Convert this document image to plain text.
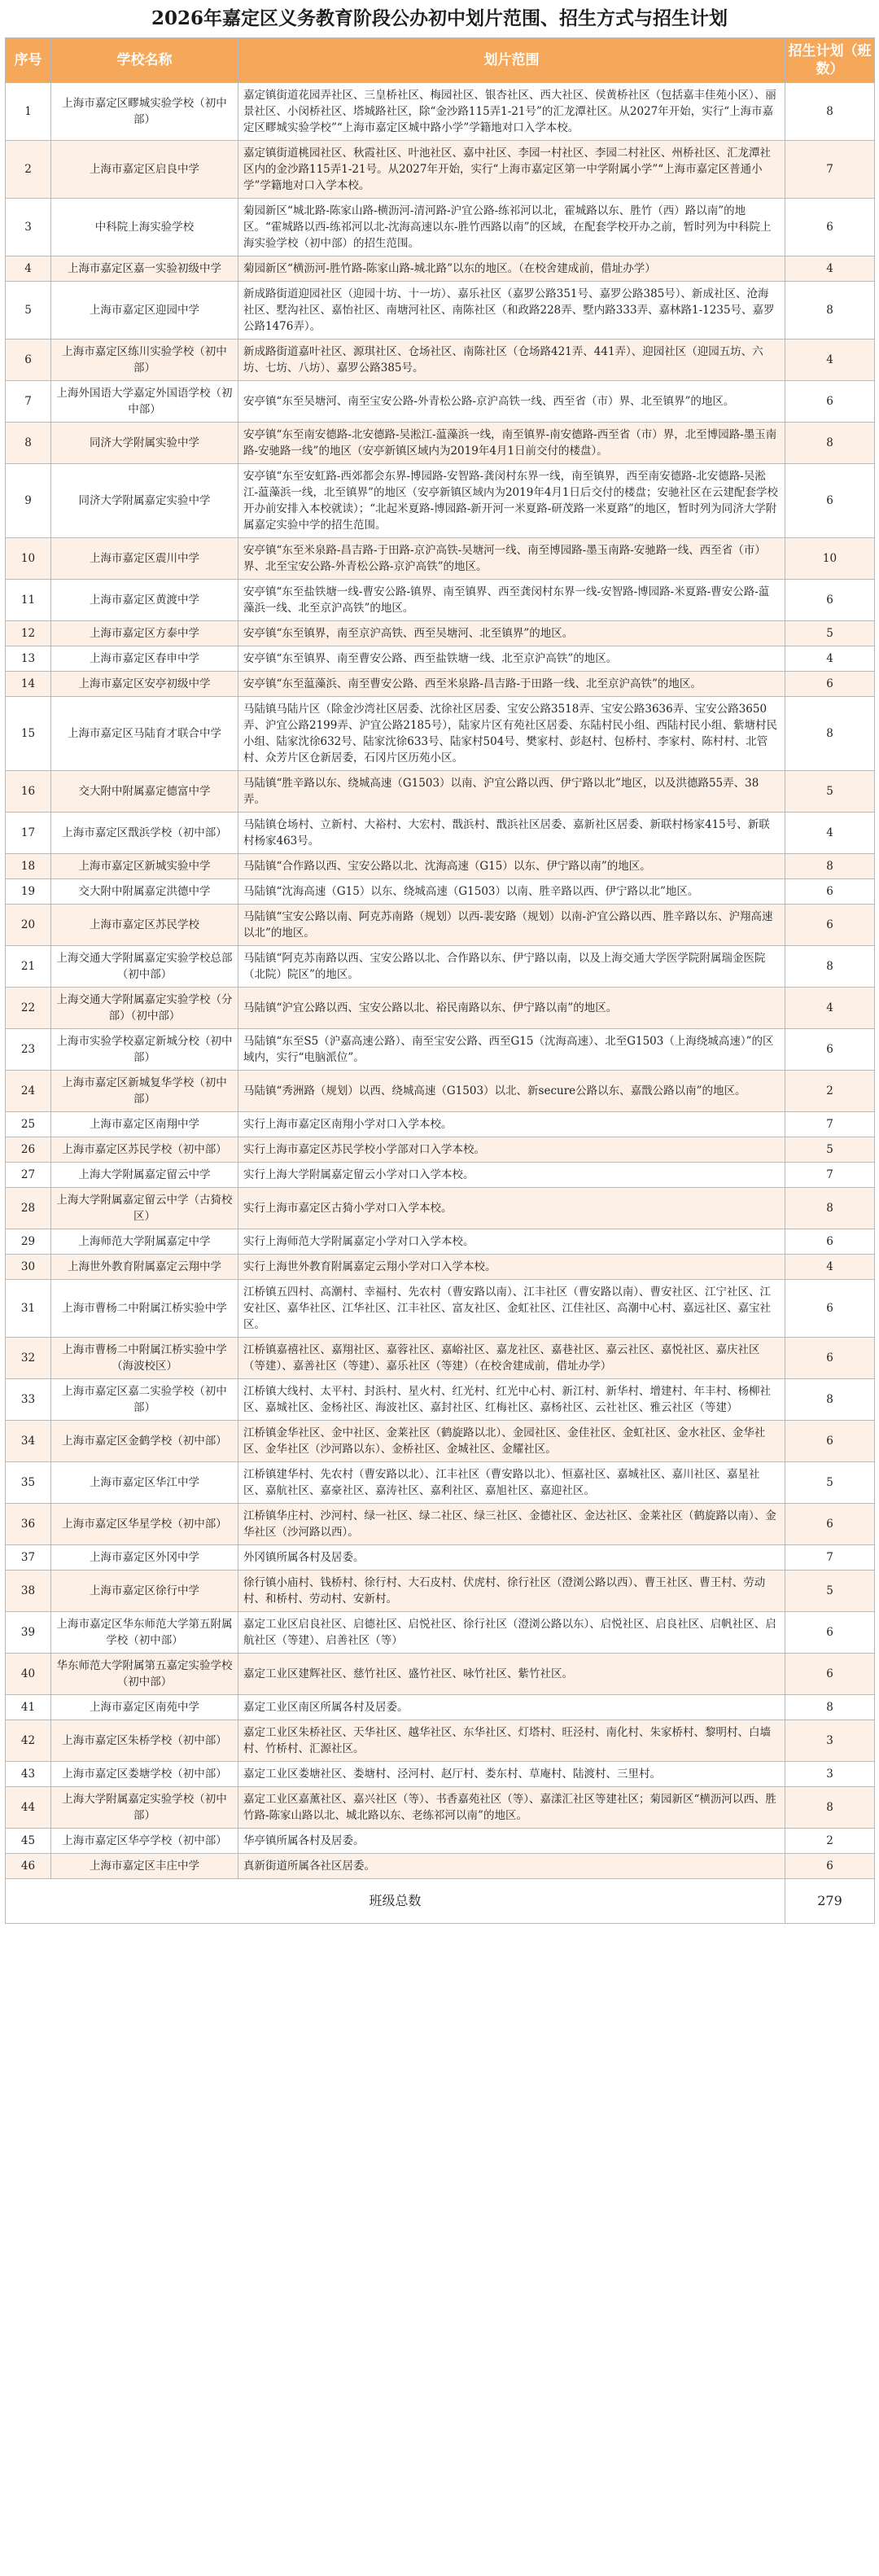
2026年嘉定区义务教育阶段公办初中划片范围、招生方式与招生计划
序号	学校名称	划片范围	招生计划（班数）
1	上海市嘉定区疁城实验学校（初中部）	嘉定镇街道花园弄社区、三皇桥社区、梅园社区、银杏社区、西大社区、侯黄桥社区（包括嘉丰佳苑小区）、丽景社区、小闵桥社区、塔城路社区，除“金沙路115弄1-21号”的汇龙潭社区。从2027年开始，实行“上海市嘉定区疁城实验学校”“上海市嘉定区城中路小学”学籍地对口入学本校。	8
2	上海市嘉定区启良中学	嘉定镇街道桃园社区、秋霞社区、叶池社区、嘉中社区、李园一村社区、李园二村社区、州桥社区、汇龙潭社区内的金沙路115弄1-21号。从2027年开始，实行“上海市嘉定区第一中学附属小学”“上海市嘉定区普通小学”学籍地对口入学本校。	7
3	中科院上海实验学校	菊园新区“城北路-陈家山路-横沥河-清河路-沪宜公路-练祁河以北，霍城路以东、胜竹（西）路以南”的地区。“霍城路以西-练祁河以北-沈海高速以东-胜竹西路以南”的区域，在配套学校开办之前，暂时列为中科院上海实验学校（初中部）的招生范围。	6
4	上海市嘉定区嘉一实验初级中学	菊园新区“横沥河-胜竹路-陈家山路-城北路”以东的地区。（在校舍建成前，借址办学）	4
5	上海市嘉定区迎园中学	新成路街道迎园社区（迎园十坊、十一坊）、嘉乐社区（嘉罗公路351号、嘉罗公路385号）、新成社区、沧海社区、墅沟社区、嘉怡社区、南塘河社区、南陈社区（和政路228弄、墅内路333弄、嘉林路1-1235号、嘉罗公路1476弄）。	8
6	上海市嘉定区练川实验学校（初中部）	新成路街道嘉叶社区、源琪社区、仓场社区、南陈社区（仓场路421弄、441弄）、迎园社区（迎园五坊、六坊、七坊、八坊）、嘉罗公路385号。	4
7	上海外国语大学嘉定外国语学校（初中部）	安亭镇“东至吴塘河、南至宝安公路-外青松公路-京沪高铁一线、西至省（市）界、北至镇界”的地区。	6
8	同济大学附属实验中学	安亭镇“东至南安德路-北安德路-吴淞江-蕰藻浜一线，南至镇界-南安德路-西至省（市）界，北至博园路-墨玉南路-安驰路一线”的地区（安亭新镇区域内为2019年4月1日前交付的楼盘）。	8
9	同济大学附属嘉定实验中学	安亭镇“东至安虹路-西郊都会东界-博园路-安智路-龚闵村东界一线，南至镇界，西至南安德路-北安德路-吴淞江-蕰藻浜一线，北至镇界”的地区（安亭新镇区域内为2019年4月1日后交付的楼盘；安驰社区在云建配套学校开办前安排入本校就读）；“北起米夏路-博园路-新开河一米夏路-研茂路一米夏路”的地区，暂时列为同济大学附属嘉定实验中学的招生范围。	6
10	上海市嘉定区震川中学	安亭镇“东至米泉路-昌吉路-于田路-京沪高铁-吴塘河一线、南至博园路-墨玉南路-安驰路一线、西至省（市）界、北至宝安公路-外青松公路-京沪高铁”的地区。	10
11	上海市嘉定区黄渡中学	安亭镇“东至盐铁塘一线-曹安公路-镇界、南至镇界、西至龚闵村东界一线-安智路-博园路-米夏路-曹安公路-蕰藻浜一线、北至京沪高铁”的地区。	6
12	上海市嘉定区方泰中学	安亭镇“东至镇界，南至京沪高铁、西至吴塘河、北至镇界”的地区。	5
13	上海市嘉定区春申中学	安亭镇“东至镇界、南至曹安公路、西至盐铁塘一线、北至京沪高铁”的地区。	4
14	上海市嘉定区安亭初级中学	安亭镇“东至蕰藻浜、南至曹安公路、西至米泉路-昌吉路-于田路一线、北至京沪高铁”的地区。	6
15	上海市嘉定区马陆育才联合中学	马陆镇马陆片区（除金沙湾社区居委、沈徐社区居委、宝安公路3518弄、宝安公路3636弄、宝安公路3650弄、沪宜公路2199弄、沪宜公路2185号），陆家片区有苑社区居委、东陆村民小组、西陆村民小组、紫塘村民小组、陆家沈徐632号、陆家沈徐633号、陆家村504号、樊家村、彭赵村、包桥村、李家村、陈村村、北管村、众芳片区仓新居委，石冈片区历苑小区。	8
16	交大附中附属嘉定德富中学	马陆镇“胜辛路以东、绕城高速（G1503）以南、沪宜公路以西、伊宁路以北”地区，以及洪德路55弄、38弄。	5
17	上海市嘉定区戬浜学校（初中部）	马陆镇仓场村、立新村、大裕村、大宏村、戬浜村、戬浜社区居委、嘉新社区居委、新联村杨家415号、新联村杨家463号。	4
18	上海市嘉定区新城实验中学	马陆镇“合作路以西、宝安公路以北、沈海高速（G15）以东、伊宁路以南”的地区。	8
19	交大附中附属嘉定洪德中学	马陆镇“沈海高速（G15）以东、绕城高速（G1503）以南、胜辛路以西、伊宁路以北”地区。	6
20	上海市嘉定区苏民学校	马陆镇“宝安公路以南、阿克苏南路（规划）以西-裴安路（规划）以南-沪宜公路以西、胜辛路以东、沪翔高速以北”的地区。	6
21	上海交通大学附属嘉定实验学校总部（初中部）	马陆镇“阿克苏南路以西、宝安公路以北、合作路以东、伊宁路以南，以及上海交通大学医学院附属瑞金医院（北院）院区”的地区。	8
22	上海交通大学附属嘉定实验学校（分部）（初中部）	马陆镇“沪宜公路以西、宝安公路以北、裕民南路以东、伊宁路以南”的地区。	4
23	上海市实验学校嘉定新城分校（初中部）	马陆镇“东至S5（沪嘉高速公路）、南至宝安公路、西至G15（沈海高速）、北至G1503（上海绕城高速）”的区域内，实行“电脑派位”。	6
24	上海市嘉定区新城复华学校（初中部）	马陆镇“秀洲路（规划）以西、绕城高速（G1503）以北、新secure公路以东、嘉戬公路以南”的地区。	2
25	上海市嘉定区南翔中学	实行上海市嘉定区南翔小学对口入学本校。	7
26	上海市嘉定区苏民学校（初中部）	实行上海市嘉定区苏民学校小学部对口入学本校。	5
27	上海大学附属嘉定留云中学	实行上海大学附属嘉定留云小学对口入学本校。	7
28	上海大学附属嘉定留云中学（古猗校区）	实行上海市嘉定区古猗小学对口入学本校。	8
29	上海师范大学附属嘉定中学	实行上海师范大学附属嘉定小学对口入学本校。	6
30	上海世外教育附属嘉定云翔中学	实行上海世外教育附属嘉定云翔小学对口入学本校。	4
31	上海市曹杨二中附属江桥实验中学	江桥镇五四村、高潮村、幸福村、先农村（曹安路以南）、江丰社区（曹安路以南）、曹安社区、江宁社区、江安社区、嘉华社区、江华社区、江丰社区、富友社区、金虹社区、江佳社区、高潮中心村、嘉远社区、嘉宝社区。	6
32	上海市曹杨二中附属江桥实验中学（海波校区）	江桥镇嘉禧社区、嘉翔社区、嘉蓉社区、嘉峪社区、嘉龙社区、嘉巷社区、嘉云社区、嘉悦社区、嘉庆社区（等建）、嘉善社区（等建）、嘉乐社区（等建）（在校舍建成前，借址办学）	6
33	上海市嘉定区嘉二实验学校（初中部）	江桥镇大线村、太平村、封浜村、星火村、红光村、红光中心村、新江村、新华村、增建村、年丰村、杨柳社区、嘉城社区、金杨社区、海波社区、嘉封社区、红梅社区、嘉杨社区、云社社区、雅云社区（等建）	8
34	上海市嘉定区金鹤学校（初中部）	江桥镇金华社区、金中社区、金莱社区（鹤旋路以北）、金园社区、金佳社区、金虹社区、金水社区、金华社区、金华社区（沙河路以东）、金桥社区、金城社区、金耀社区。	6
35	上海市嘉定区华江中学	江桥镇建华村、先农村（曹安路以北）、江丰社区（曹安路以北）、恒嘉社区、嘉城社区、嘉川社区、嘉星社区、嘉航社区、嘉豪社区、嘉涛社区、嘉利社区、嘉旭社区、嘉迎社区。	5
36	上海市嘉定区华星学校（初中部）	江桥镇华庄村、沙河村、绿一社区、绿二社区、绿三社区、金德社区、金达社区、金莱社区（鹤旋路以南）、金华社区（沙河路以西）。	6
37	上海市嘉定区外冈中学	外冈镇所属各村及居委。	7
38	上海市嘉定区徐行中学	徐行镇小庙村、钱桥村、徐行村、大石皮村、伏虎村、徐行社区（澄浏公路以西）、曹王社区、曹王村、劳动村、和桥村、劳动村、安新村。	5
39	上海市嘉定区华东师范大学第五附属学校（初中部）	嘉定工业区启良社区、启德社区、启悦社区、徐行社区（澄浏公路以东）、启悦社区、启良社区、启帆社区、启航社区（等建）、启善社区（等）	6
40	华东师范大学附属第五嘉定实验学校（初中部）	嘉定工业区建辉社区、慈竹社区、盛竹社区、咏竹社区、紫竹社区。	6
41	上海市嘉定区南苑中学	嘉定工业区南区所属各村及居委。	8
42	上海市嘉定区朱桥学校（初中部）	嘉定工业区朱桥社区、天华社区、越华社区、东华社区、灯塔村、旺泾村、南化村、朱家桥村、黎明村、白墙村、竹桥村、汇源社区。	3
43	上海市嘉定区娄塘学校（初中部）	嘉定工业区娄塘社区、娄塘村、泾河村、赵厅村、娄东村、草庵村、陆渡村、三里村。	3
44	上海大学附属嘉定实验学校（初中部）	嘉定工业区嘉薰社区、嘉兴社区（等）、书香嘉苑社区（等）、嘉漾汇社区等建社区；菊园新区“横沥河以西、胜竹路-陈家山路以北、城北路以东、老练祁河以南”的地区。	8
45	上海市嘉定区华亭学校（初中部）	华亭镇所属各村及居委。	2
46	上海市嘉定区丰庄中学	真新街道所属各社区居委。	6
班级总数			279
